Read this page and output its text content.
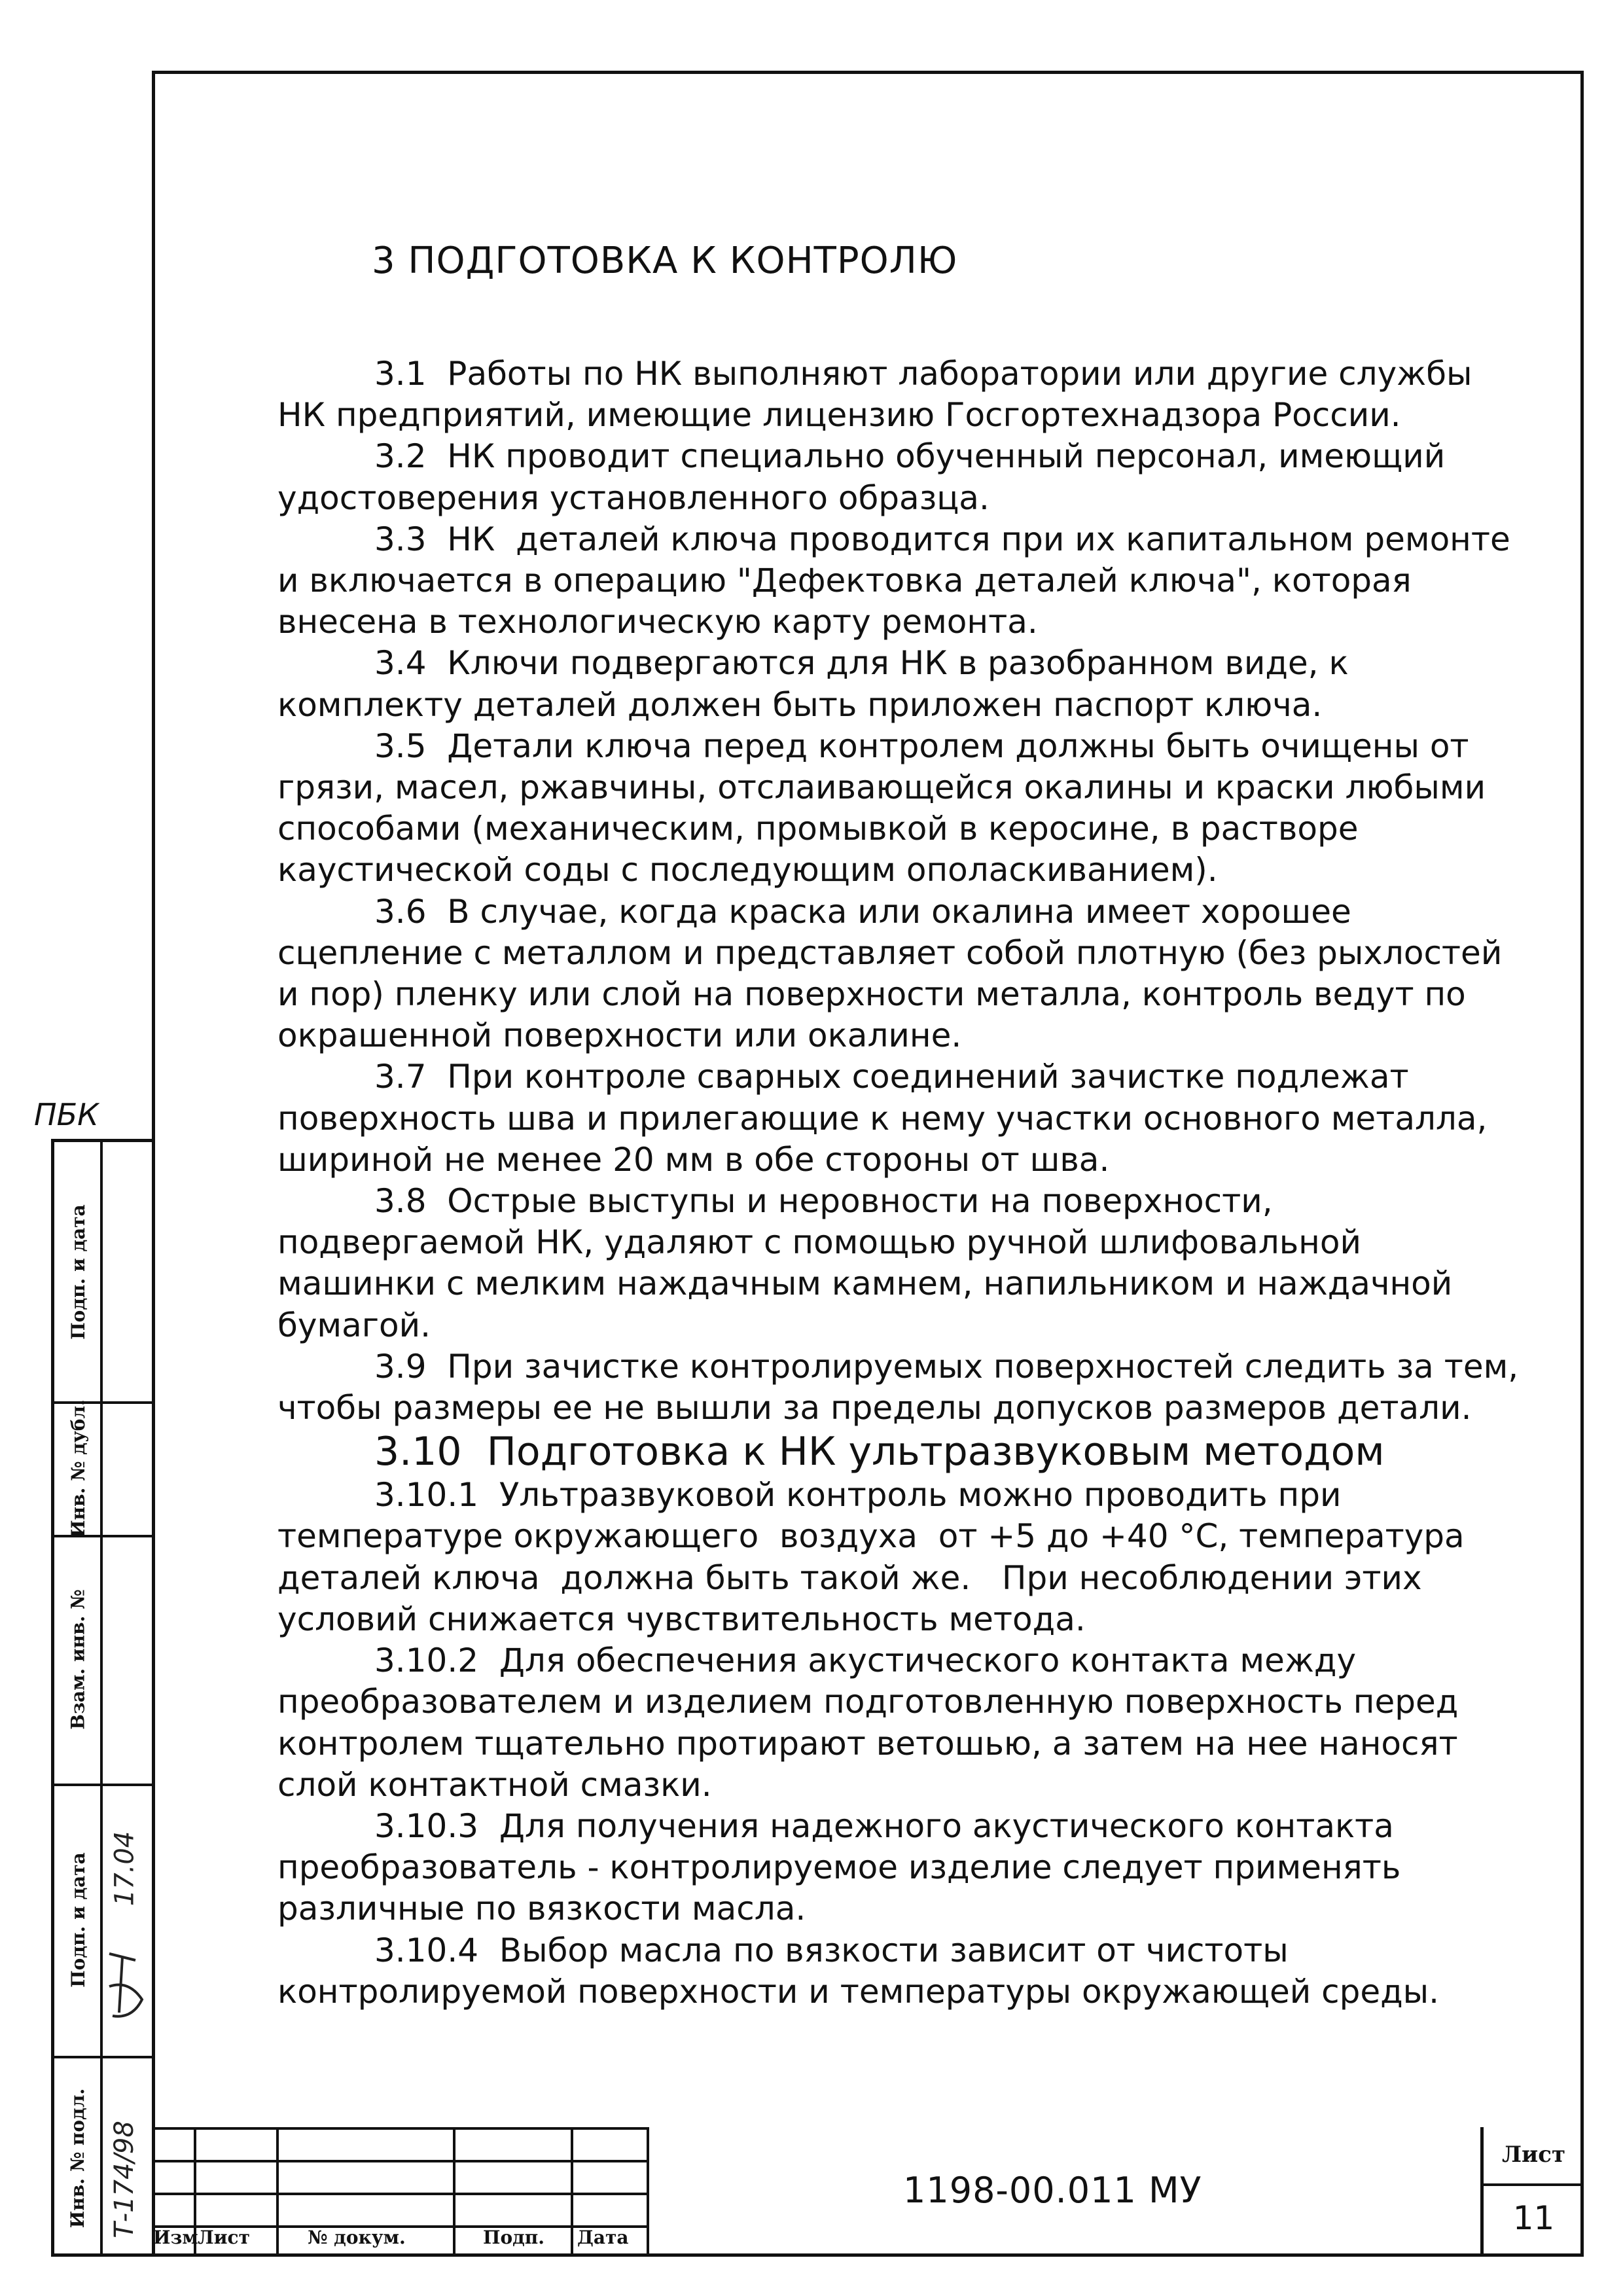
3 ПОДГОТОВКА К КОНТРОЛЮ

3.1  Работы по НК выполняют лаборатории или другие службы НК предприятий, имеющие лицензию Госгортехнадзора России.

3.2  НК проводит специально обученный персонал, имеющий удостоверения установленного образца.

3.3  НК  деталей ключа проводится при их капитальном ремонте и включается в операцию "Дефектовка деталей ключа", которая внесена в технологическую карту ремонта.

3.4  Ключи подвергаются для НК в разобранном виде, к комплекту деталей должен быть приложен паспорт ключа.

3.5  Детали ключа перед контролем должны быть очищены от грязи, масел, ржавчины, отслаивающейся окалины и краски любыми способами (механическим, промывкой в керосине, в растворе каустической соды с последующим ополаскиванием).

3.6  В случае, когда краска или окалина имеет хорошее сцепление с металлом и представляет собой плотную (без рыхлостей и пор) пленку или слой на поверхности металла, контроль ведут по окрашенной поверхности или окалине.

3.7  При контроле сварных соединений зачистке подлежат поверхность шва и прилегающие к нему участки основного металла, шириной не менее 20 мм в обе стороны от шва.

3.8  Острые выступы и неровности на поверхности, подвергаемой НК, удаляют с помощью ручной шлифовальной машинки с мелким наждачным камнем, напильником и наждачной бумагой.

3.9  При зачистке контролируемых поверхностей следить за тем, чтобы размеры ее не вышли за пределы допусков размеров детали.

3.10  Подготовка к НК ультразвуковым методом

3.10.1  Ультразвуковой контроль можно проводить при температуре окружающего  воздуха  от +5 до +40 °С, температура деталей ключа  должна быть такой же.   При несоблюдении этих условий снижается чувствительность метода.

3.10.2  Для обеспечения акустического контакта между преобразователем и изделием подготовленную поверхность перед контролем тщательно протирают ветошью, а затем на нее наносят слой контактной смазки.

3.10.3  Для получения надежного акустического контакта преобразователь - контролируемое изделие следует применять различные по вязкости масла.

3.10.4  Выбор масла по вязкости зависит от чистоты контролируемой поверхности и температуры окружающей среды.

ПБК
Подп. и дата
Инв. № дубл.
Взам. инв. №
Подп. и дата
Инв. № подл. Т-174/98
17.04
Изм Лист	№ докум.	Подп. Дата
1198-00.011 МУ
Лист
11
